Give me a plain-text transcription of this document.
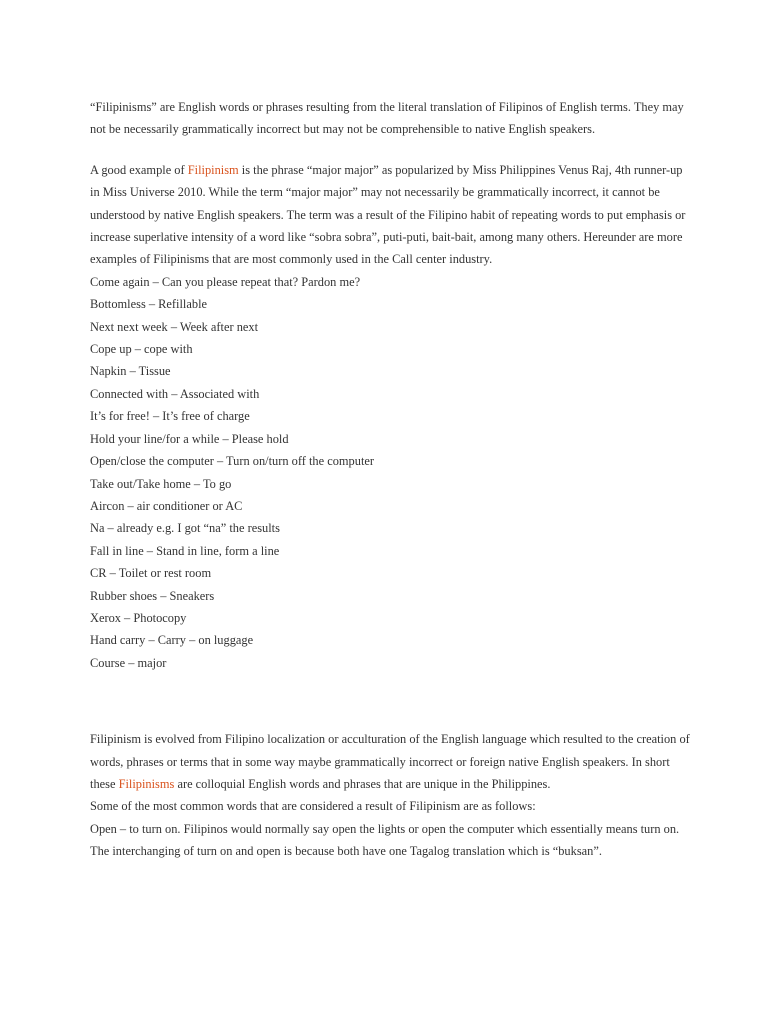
“Filipinisms” are English words or phrases resulting from the literal translation of Filipinos of English terms. They may not be necessarily grammatically incorrect but may not be comprehensible to native English speakers.

A good example of Filipinism is the phrase “major major” as popularized by Miss Philippines Venus Raj, 4th runner-up in Miss Universe 2010. While the term “major major” may not necessarily be grammatically incorrect, it cannot be understood by native English speakers. The term was a result of the Filipino habit of repeating words to put emphasis or increase superlative intensity of a word like “sobra sobra”, puti-puti, bait-bait, among many others. Hereunder are more examples of Filipinisms that are most commonly used in the Call center industry.

Come again – Can you please repeat that? Pardon me?
Bottomless – Refillable
Next next week – Week after next
Cope up – cope with
Napkin – Tissue
Connected with – Associated with
It’s for free! – It’s free of charge
Hold your line/for a while – Please hold
Open/close the computer – Turn on/turn off the computer
Take out/Take home – To go
Aircon – air conditioner or AC
Na – already e.g. I got “na” the results
Fall in line – Stand in line, form a line
CR – Toilet or rest room
Rubber shoes – Sneakers
Xerox – Photocopy
Hand carry – Carry – on luggage
Course – major

Filipinism is evolved from Filipino localization or acculturation of the English language which resulted to the creation of words, phrases or terms that in some way maybe grammatically incorrect or foreign native English speakers. In short these Filipinisms are colloquial English words and phrases that are unique in the Philippines.

Some of the most common words that are considered a result of Filipinism are as follows:

Open – to turn on. Filipinos would normally say open the lights or open the computer which essentially means turn on. The interchanging of turn on and open is because both have one Tagalog translation which is “buksan”.
